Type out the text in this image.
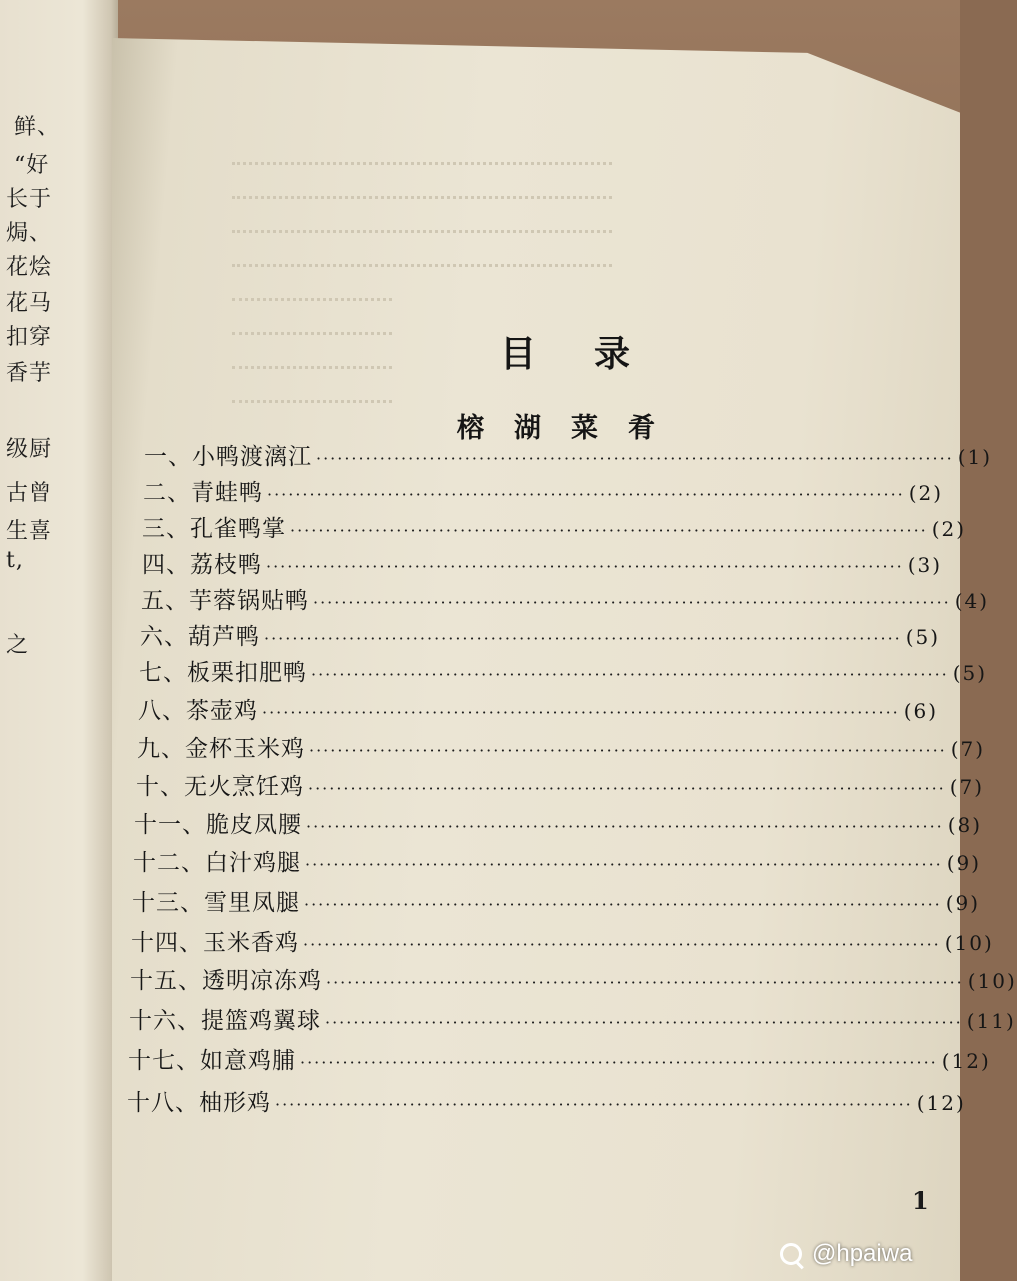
鲜、
“好
长于
焗、
花烩
花马
扣穿
香芋
级厨
古曾
生喜
t,
之
目录
榕湖菜肴
一、小鸭渡漓江 ·························································································· (1)
二、青蛙鸭 ·························································································· (2)
三、孔雀鸭掌 ·························································································· (2)
四、荔枝鸭 ·························································································· (3)
五、芋蓉锅贴鸭 ·························································································· (4)
六、葫芦鸭 ·························································································· (5)
七、板栗扣肥鸭 ·························································································· (5)
八、茶壶鸡 ·························································································· (6)
九、金杯玉米鸡 ·························································································· (7)
十、无火烹饪鸡 ·························································································· (7)
十一、脆皮凤腰 ·························································································· (8)
十二、白汁鸡腿 ·························································································· (9)
十三、雪里凤腿 ·························································································· (9)
十四、玉米香鸡 ·························································································· (10)
十五、透明凉冻鸡 ·························································································· (10)
十六、提篮鸡翼球 ·························································································· (11)
十七、如意鸡脯 ·························································································· (12)
十八、柚形鸡 ·························································································· (12)
1
@hpaiwa
